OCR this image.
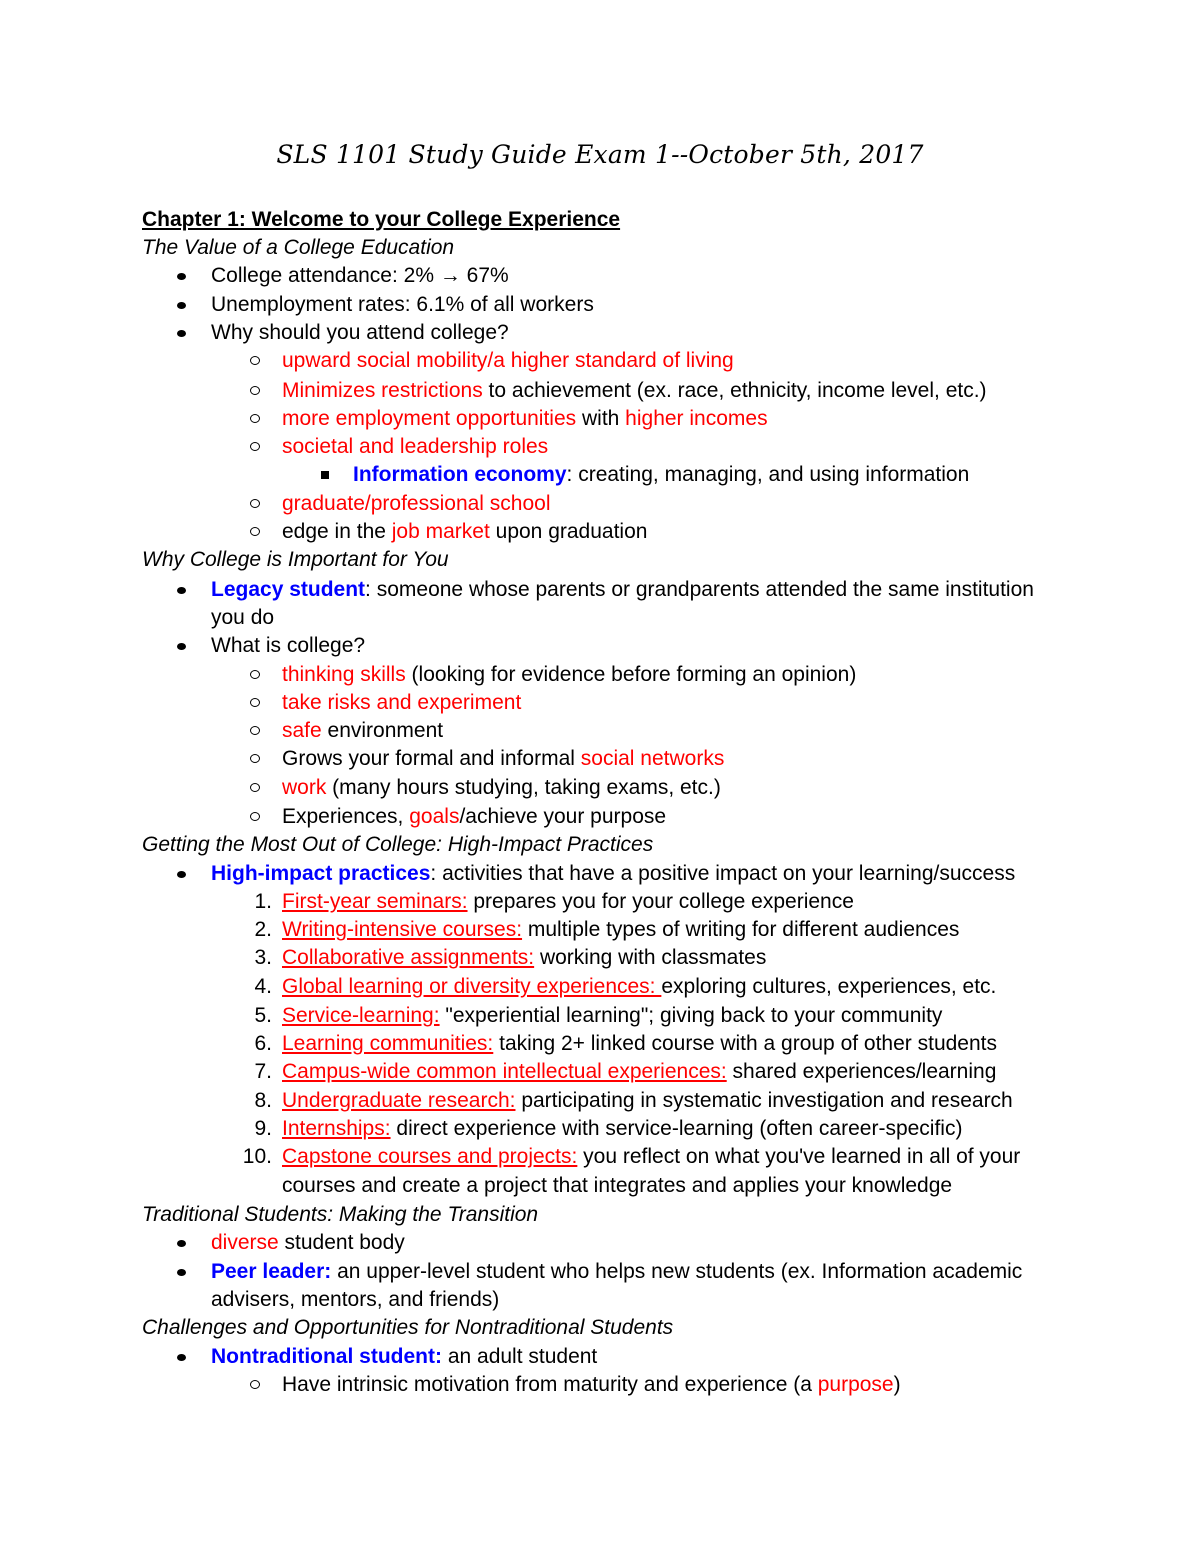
SLS 1101 Study Guide Exam 1--October 5th, 2017
Chapter 1: Welcome to your College Experience
The Value of a College Education
College attendance: 2% → 67%
Unemployment rates: 6.1% of all workers
Why should you attend college?
upward social mobility/a higher standard of living
Minimizes restrictions to achievement (ex. race, ethnicity, income level, etc.)
more employment opportunities with higher incomes
societal and leadership roles
Information economy: creating, managing, and using information
graduate/professional school
edge in the job market upon graduation
Why College is Important for You
Legacy student: someone whose parents or grandparents attended the same institution
you do
What is college?
thinking skills (looking for evidence before forming an opinion)
take risks and experiment
safe environment
Grows your formal and informal social networks
work (many hours studying, taking exams, etc.)
Experiences, goals/achieve your purpose
Getting the Most Out of College: High-Impact Practices
High-impact practices: activities that have a positive impact on your learning/success
1. First-year seminars: prepares you for your college experience
2. Writing-intensive courses: multiple types of writing for different audiences
3. Collaborative assignments: working with classmates
4. Global learning or diversity experiences: exploring cultures, experiences, etc.
5. Service-learning: "experiential learning"; giving back to your community
6. Learning communities: taking 2+ linked course with a group of other students
7. Campus-wide common intellectual experiences: shared experiences/learning
8. Undergraduate research: participating in systematic investigation and research
9. Internships: direct experience with service-learning (often career-specific)
10. Capstone courses and projects: you reflect on what you've learned in all of your
courses and create a project that integrates and applies your knowledge
Traditional Students: Making the Transition
diverse student body
Peer leader: an upper-level student who helps new students (ex. Information academic
advisers, mentors, and friends)
Challenges and Opportunities for Nontraditional Students
Nontraditional student: an adult student
Have intrinsic motivation from maturity and experience (a purpose)
